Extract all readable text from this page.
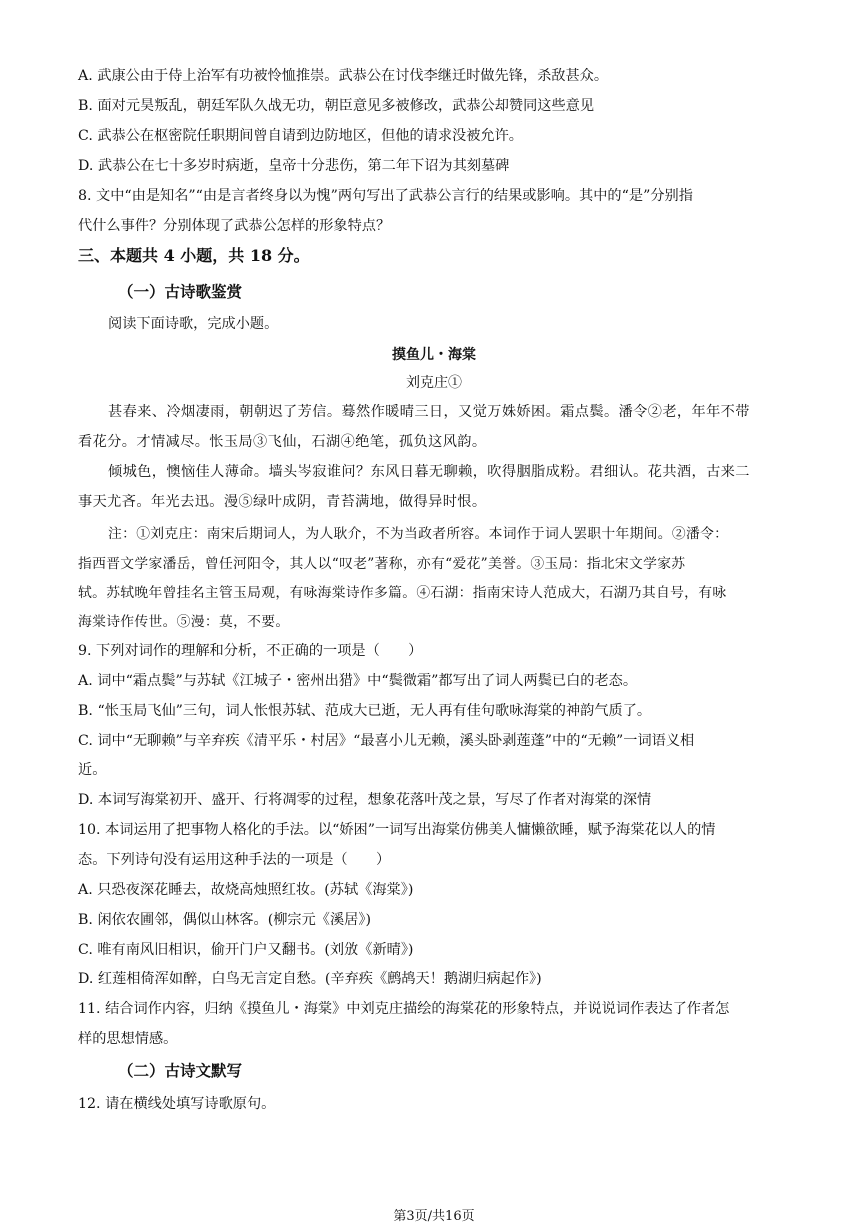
A. 武康公由于侍上治军有功被怜恤推崇。武恭公在讨伐李继迁时做先锋，杀敌甚众。
B. 面对元昊叛乱，朝廷军队久战无功，朝臣意见多被修改，武恭公却赞同这些意见
C. 武恭公在枢密院任职期间曾自请到边防地区，但他的请求没被允许。
D. 武恭公在七十多岁时病逝，皇帝十分悲伤，第二年下诏为其刻墓碑
8. 文中“由是知名”“由是言者终身以为愧”两句写出了武恭公言行的结果或影响。其中的“是”分别指
代什么事件？分别体现了武恭公怎样的形象特点？
三、本题共 4 小题，共 18 分。
（一）古诗歌鉴赏
阅读下面诗歌，完成小题。
摸鱼儿・海棠
刘克庄①
甚春来、冷烟凄雨，朝朝迟了芳信。蓦然作暖晴三日，又觉万姝娇困。霜点鬓。潘令②老，年年不带
看花分。才情减尽。怅玉局③飞仙，石湖④绝笔，孤负这风韵。
倾城色，懊恼佳人薄命。墙头岑寂谁问？东风日暮无聊赖，吹得胭脂成粉。君细认。花共酒，古来二
事天尤吝。年光去迅。漫⑤绿叶成阴，青苔满地，做得异时恨。
注：①刘克庄：南宋后期词人，为人耿介，不为当政者所容。本词作于词人罢职十年期间。②潘令：
指西晋文学家潘岳，曾任河阳令，其人以“叹老”著称，亦有“爱花”美誉。③玉局：指北宋文学家苏
轼。苏轼晚年曾挂名主管玉局观，有咏海棠诗作多篇。④石湖：指南宋诗人范成大，石湖乃其自号，有咏
海棠诗作传世。⑤漫：莫，不要。
9. 下列对词作的理解和分析，不正确的一项是（　　）
A. 词中“霜点鬓”与苏轼《江城子・密州出猎》中“鬓微霜”都写出了词人两鬓已白的老态。
B. “怅玉局飞仙”三句，词人怅恨苏轼、范成大已逝，无人再有佳句歌咏海棠的神韵气质了。
C. 词中“无聊赖”与辛弃疾《清平乐・村居》“最喜小儿无赖，溪头卧剥莲蓬”中的“无赖”一词语义相
近。
D. 本词写海棠初开、盛开、行将凋零的过程，想象花落叶茂之景，写尽了作者对海棠的深情
10. 本词运用了把事物人格化的手法。以“娇困”一词写出海棠仿佛美人慵懒欲睡，赋予海棠花以人的情
态。下列诗句没有运用这种手法的一项是（　　）
A. 只恐夜深花睡去，故烧高烛照红妆。(苏轼《海棠》)
B. 闲依农圃邻，偶似山林客。(柳宗元《溪居》)
C. 唯有南风旧相识，偷开门户又翻书。(刘攽《新晴》)
D. 红莲相倚浑如醉，白鸟无言定自愁。(辛弃疾《鹧鸪天！鹅湖归病起作》)
11. 结合词作内容，归纳《摸鱼儿・海棠》中刘克庄描绘的海棠花的形象特点，并说说词作表达了作者怎
样的思想情感。
（二）古诗文默写
12. 请在横线处填写诗歌原句。
第3页/共16页
